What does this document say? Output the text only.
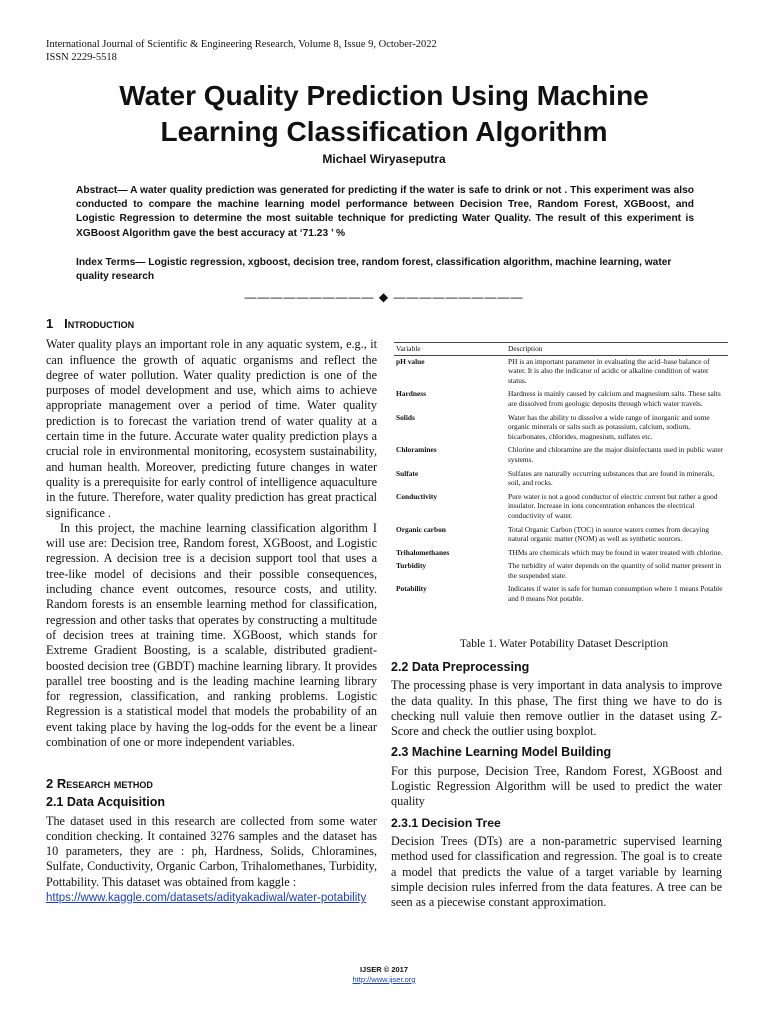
International Journal of Scientific & Engineering Research, Volume 8, Issue 9, October-2022
ISSN 2229-5518
Water Quality Prediction Using Machine
Learning Classification Algorithm
Michael Wiryaseputra
Abstract— A water quality prediction was generated for predicting if the water is safe to drink or not . This experiment was also conducted to compare the machine learning model performance between Decision Tree, Random Forest, XGBoost, and Logistic Regression to determine the most suitable technique for predicting Water Quality. The result of this experiment is XGBoost Algorithm gave the best accuracy at ‘71.23 ’ %
Index Terms— Logistic regression, xgboost, decision tree, random forest, classification algorithm, machine learning, water quality research
—————————— ◆ ——————————
1 Introduction

Water quality plays an important role in any aquatic system, e.g., it can influence the growth of aquatic organisms and reflect the degree of water pollution. Water quality prediction is one of the purposes of model development and use, which aims to achieve appropriate management over a period of time. Water quality prediction is to forecast the variation trend of water quality at a certain time in the future. Accurate water quality prediction plays a crucial role in environmental monitoring, ecosystem sustainability, and human health. Moreover, predicting future changes in water quality is a prerequisite for early control of intelligence aquaculture in the future. Therefore, water quality prediction has great practical significance .

In this project, the machine learning classification algorithm I will use are: Decision tree, Random forest, XGBoost, and Logistic regression. A decision tree is a decision support tool that uses a tree-like model of decisions and their possible consequences, including chance event outcomes, resource costs, and utility. Random forests is an ensemble learning method for classification, regression and other tasks that operates by constructing a multitude of decision trees at training time. XGBoost, which stands for Extreme Gradient Boosting, is a scalable, distributed gradient-boosted decision tree (GBDT) machine learning library. It provides parallel tree boosting and is the leading machine learning library for regression, classification, and ranking problems. Logistic Regression is a statistical model that models the probability of an event taking place by having the log-odds for the event be a linear combination of one or more independent variables.

2 Research method
2.1 Data Acquisition

The dataset used in this research are collected from some water condition checking. It contained 3276 samples and the dataset has 10 parameters, they are : ph, Hardness, Solids, Chloramines, Sulfate, Conductivity, Organic Carbon, Trihalomethanes, Turbidity, Pottability. This dataset was obtained from kaggle :

https://www.kaggle.com/datasets/adityakadiwal/water-potability
Variable	Description
pH value	PH is an important parameter in evaluating the acid–base balance of water. It is also the indicator of acidic or alkaline condition of water status.
Hardness	Hardness is mainly caused by calcium and magnesium salts. These salts are dissolved from geologic deposits through which water travels.
Solids	Water has the ability to dissolve a wide range of inorganic and some organic minerals or salts such as potassium, calcium, sodium, bicarbonates, chlorides, magnesium, sulfates etc.
Chloramines	Chlorine and chloramine are the major disinfectants used in public water systems.
Sulfate	Sulfates are naturally occurring substances that are found in minerals, soil, and rocks.
Conductivity	Pure water is not a good conductor of electric current but rather a good insulator. Increase in ions concentration enhances the electrical conductivity of water.
Organic carbon	Total Organic Carbon (TOC) in source waters comes from decaying natural organic matter (NOM) as well as synthetic sources.
Trihalomethanes	THMs are chemicals which may be found in water treated with chlorine.
Turbidity	The turbidity of water depends on the quantity of solid matter present in the suspended state.
Potability	Indicates if water is safe for human consumption where 1 means Potable and 0 means Not potable.
Table 1. Water Potability Dataset Description
2.2 Data Preprocessing

The processing phase is very important in data analysis to improve the data quality. In this phase, The first thing we have to do is checking null valuie then remove outlier in the dataset using Z-Score and check the outlier using boxplot.

2.3 Machine Learning Model Building

For this purpose, Decision Tree, Random Forest, XGBoost and Logistic Regression Algorithm will be used to predict the water quality

2.3.1 Decision Tree

Decision Trees (DTs) are a non-parametric supervised learning method used for classification and regression. The goal is to create a model that predicts the value of a target variable by learning simple decision rules inferred from the data features. A tree can be seen as a piecewise constant approximation.

IJSER © 2017
http://www.ijser.org
